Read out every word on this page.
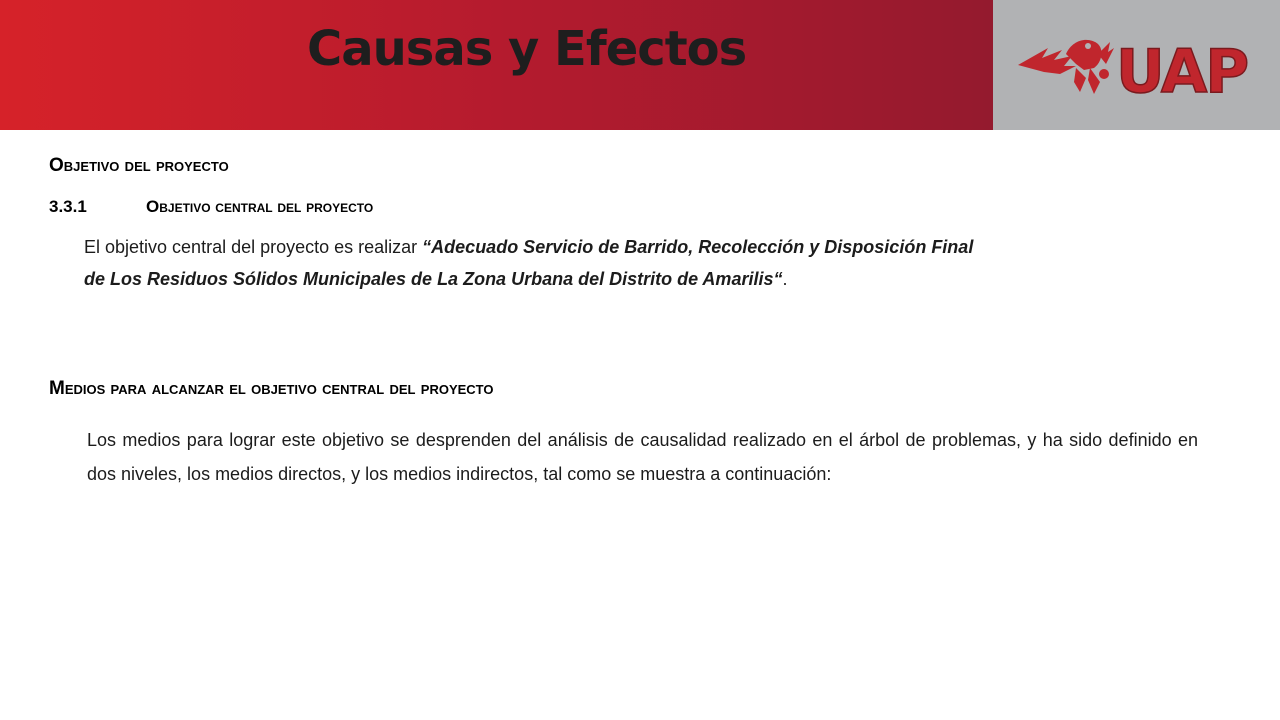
Causas y Efectos	UAP
Objetivo del proyecto
3.3.1	Objetivo central del proyecto

El objetivo central del proyecto es realizar “Adecuado Servicio de Barrido, Recolección y Disposición Final de Los Residuos Sólidos Municipales de La Zona Urbana del Distrito de Amarilis“.

Medios para alcanzar el objetivo central del proyecto

Los medios para lograr este objetivo se desprenden del análisis de causalidad realizado en el árbol de problemas, y ha sido definido en dos niveles, los medios directos, y los medios indirectos, tal como se muestra a continuación:
